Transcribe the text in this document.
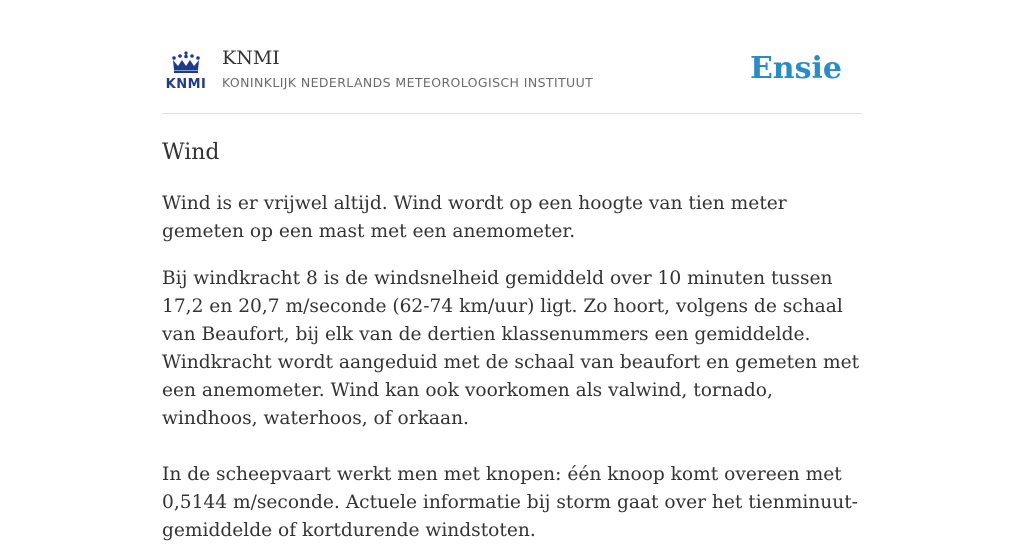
KNMI
KNMI
KONINKLIJK NEDERLANDS METEOROLOGISCH INSTITUUT	Ensie
Wind

Wind is er vrijwel altijd. Wind wordt op een hoogte van tien meter gemeten op een mast met een anemometer.

Bij windkracht 8 is de windsnelheid gemiddeld over 10 minuten tussen 17,2 en 20,7 m/seconde (62-74 km/uur) ligt. Zo hoort, volgens de schaal van Beaufort, bij elk van de dertien klassenummers een gemiddelde. Windkracht wordt aangeduid met de schaal van beaufort en gemeten met een anemometer. Wind kan ook voorkomen als valwind, tornado, windhoos, waterhoos, of orkaan.

In de scheepvaart werkt men met knopen: één knoop komt overeen met 0,5144 m/seconde. Actuele informatie bij storm gaat over het tienminuut-gemiddelde of kortdurende windstoten.
